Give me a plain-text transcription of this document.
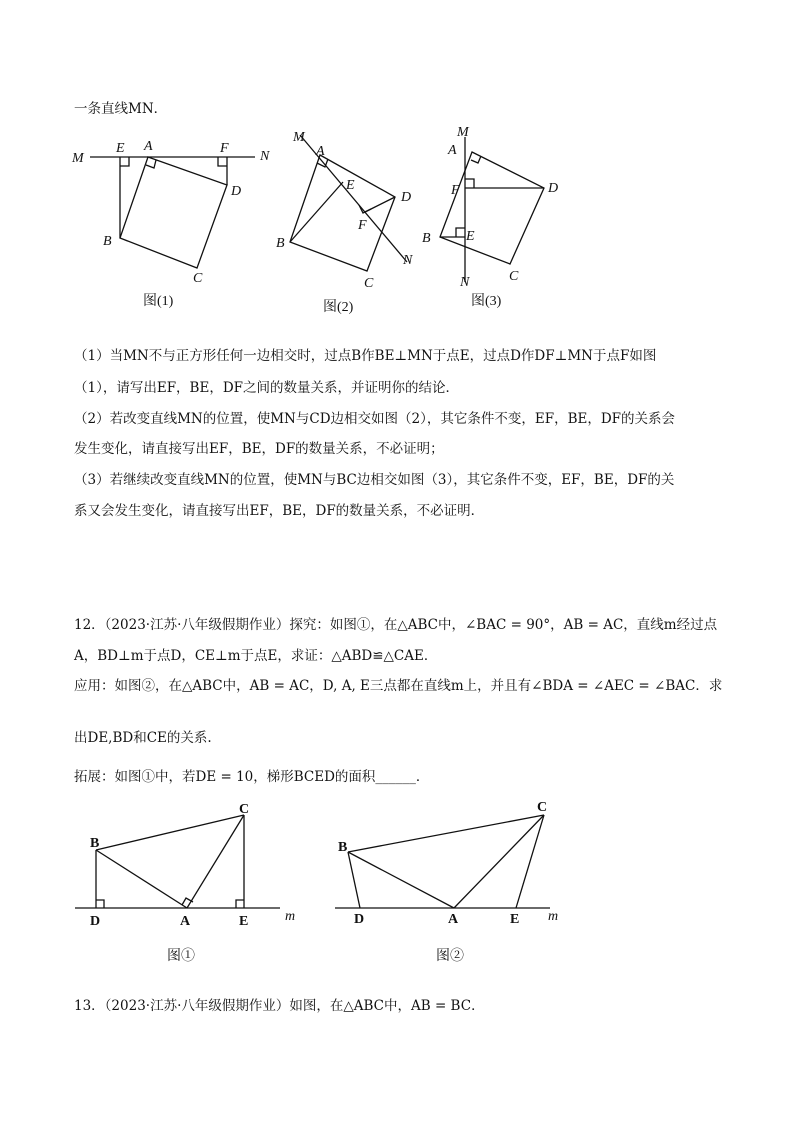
一条直线MN．
M
E A	F
N
D
B
C
图(1)
M
A
E
D
F
B
N
C
图(2)
M
A
F	D
B	E
N	C
图(3)
（1）当MN不与正方形任何一边相交时，过点B作BE⊥MN于点E，过点D作DF⊥MN于点F如图
（1），请写出EF，BE，DF之间的数量关系，并证明你的结论．
（2）若改变直线MN的位置，使MN与CD边相交如图（2），其它条件不变，EF，BE，DF的关系会
发生变化，请直接写出EF，BE，DF的数量关系，不必证明；
（3）若继续改变直线MN的位置，使MN与BC边相交如图（3），其它条件不变，EF，BE，DF的关
系又会发生变化，请直接写出EF，BE，DF的数量关系，不必证明．
12．（2023·江苏·八年级假期作业）探究：如图①，在△ABC中，∠BAC = 90°，AB = AC，直线m经过点
A，BD⊥m于点D，CE⊥m于点E，求证：△ABD≌△CAE．
应用：如图②，在△ABC中，AB = AC，D, A, E三点都在直线m上，并且有∠BDA = ∠AEC = ∠BAC．求
出DE,BD和CE的关系.
拓展：如图①中，若DE = 10，梯形BCED的面积______．
B
C
D	A	E	m
图①
B
C
D	A	E m
图②
13．（2023·江苏·八年级假期作业）如图，在△ABC中，AB = BC．
